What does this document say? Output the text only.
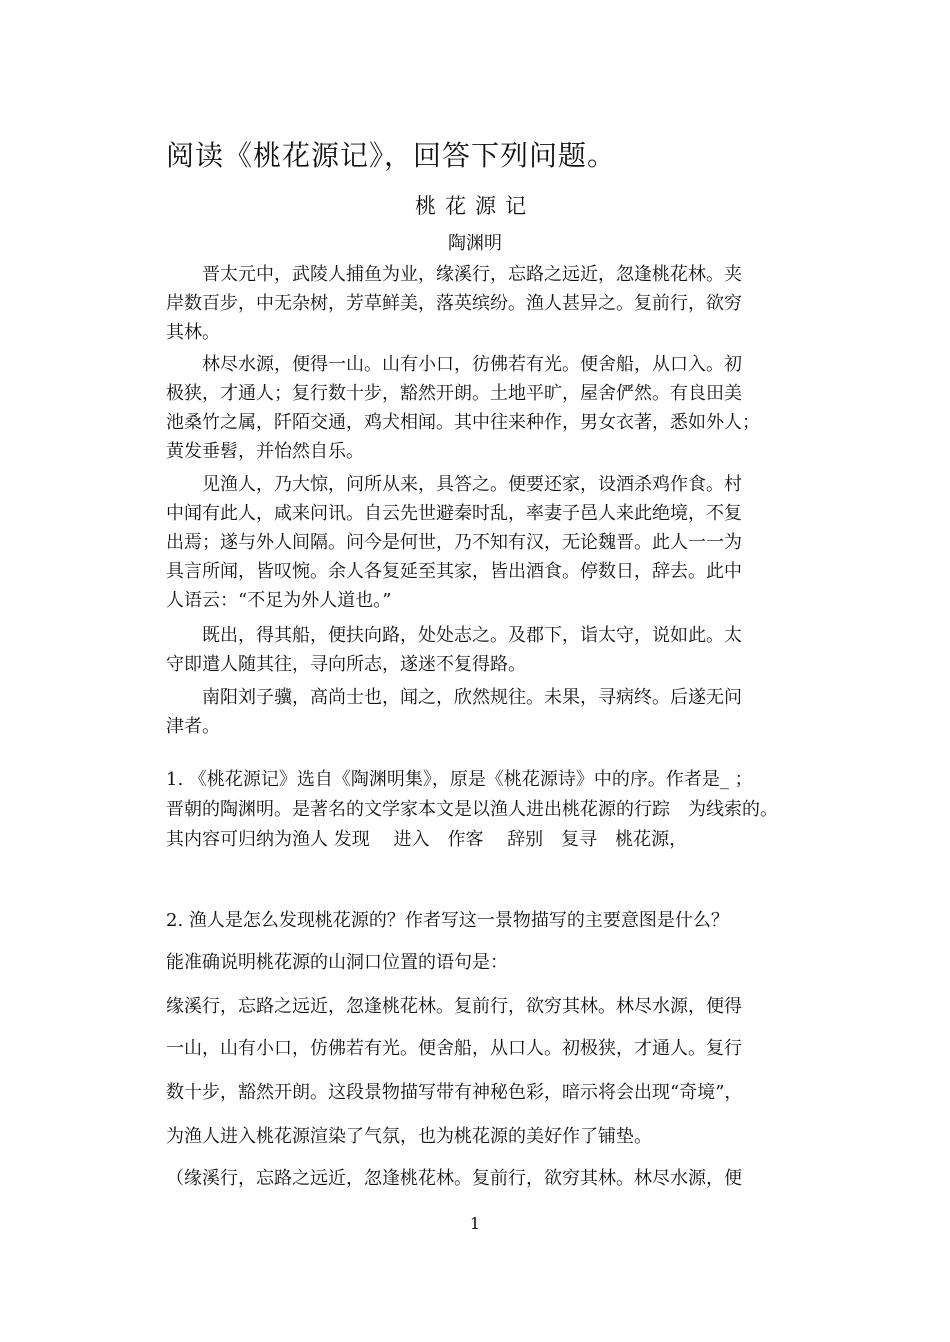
阅读《桃花源记》，回答下列问题。
桃花源记
陶渊明
　　晋太元中，武陵人捕鱼为业，缘溪行，忘路之远近，忽逢桃花林。夹
岸数百步，中无杂树，芳草鲜美，落英缤纷。渔人甚异之。复前行，欲穷
其林。
　　林尽水源，便得一山。山有小口，彷佛若有光。便舍船，从口入。初
极狭，才通人；复行数十步，豁然开朗。土地平旷，屋舍俨然。有良田美
池桑竹之属，阡陌交通，鸡犬相闻。其中往来种作，男女衣著，悉如外人；
黄发垂髫，并怡然自乐。
　　见渔人，乃大惊，问所从来，具答之。便要还家，设酒杀鸡作食。村
中闻有此人，咸来问讯。自云先世避秦时乱，率妻子邑人来此绝境，不复
出焉；遂与外人间隔。问今是何世，乃不知有汉，无论魏晋。此人一一为
具言所闻，皆叹惋。余人各复延至其家，皆出酒食。停数日，辞去。此中
人语云：“不足为外人道也。”
　　既出，得其船，便扶向路，处处志之。及郡下，诣太守，说如此。太
守即遣人随其往，寻向所志，遂迷不复得路。
　　南阳刘子骥，高尚士也，闻之，欣然规往。未果，寻病终。后遂无问
津者。
1. 《桃花源记》选自《陶渊明集》，原是《桃花源诗》中的序。作者是_ ；
晋朝的陶渊明。是著名的文学家本文是以渔人进出桃花源的行踪　为线索的。
其内容可归纳为渔人 发现　 进入　作客　 辞别　复寻　桃花源，
2. 渔人是怎么发现桃花源的？作者写这一景物描写的主要意图是什么？
能准确说明桃花源的山洞口位置的语句是：
缘溪行，忘路之远近，忽逢桃花林。复前行，欲穷其林。林尽水源，便得
一山，山有小口，仿佛若有光。便舍船，从口人。初极狭，才通人。复行
数十步，豁然开朗。这段景物描写带有神秘色彩，暗示将会出现“奇境”，
为渔人进入桃花源渲染了气氛，也为桃花源的美好作了铺垫。
（缘溪行，忘路之远近，忽逢桃花林。复前行，欲穷其林。林尽水源，便
1
